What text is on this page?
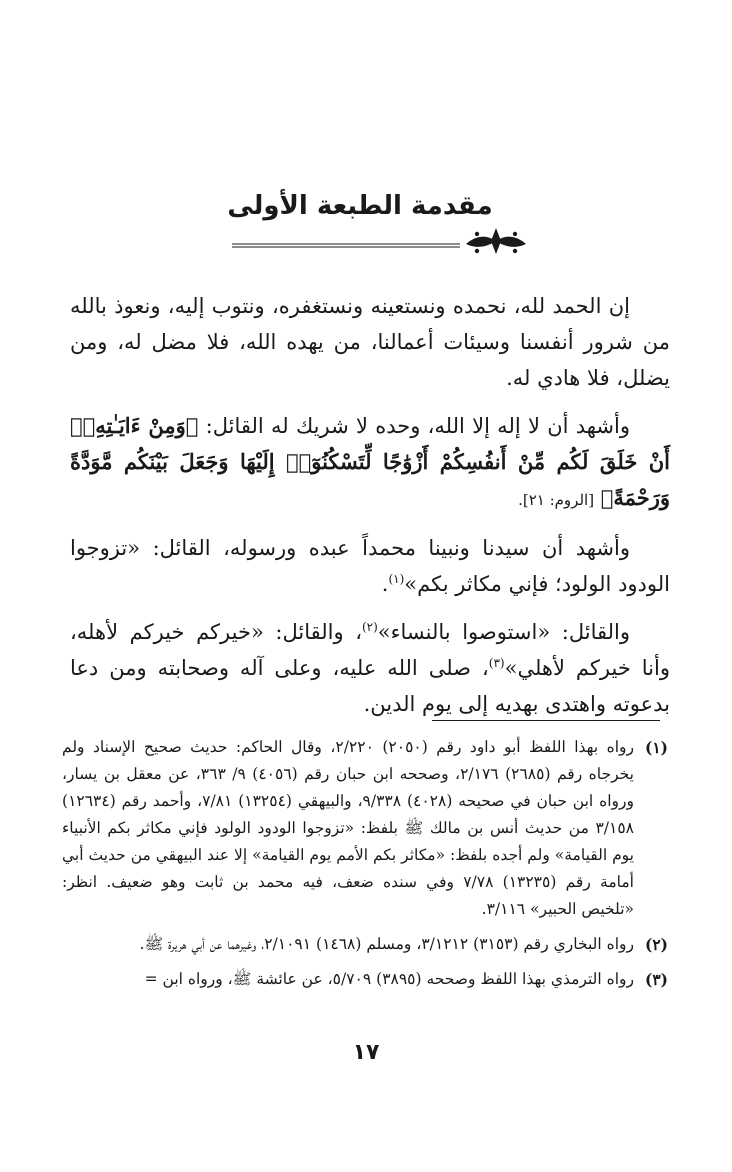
مقدمة الطبعة الأولى

إن الحمد لله، نحمده ونستعينه ونستغفره، ونتوب إليه، ونعوذ بالله من شرور أنفسنا وسيئات أعمالنا، من يهده الله، فلا مضل له، ومن يضلل، فلا هادي له.

وأشهد أن لا إله إلا الله، وحده لا شريك له القائل: ﴿وَمِنْ ءَايَـٰتِهِۦٓ أَنْ خَلَقَ لَكُم مِّنْ أَنفُسِكُمْ أَزْوَٰجًا لِّتَسْكُنُوٓا۟ إِلَيْهَا وَجَعَلَ بَيْنَكُم مَّوَدَّةً وَرَحْمَةً﴾ [الروم: ٢١].

وأشهد أن سيدنا ونبينا محمداً عبده ورسوله، القائل: «تزوجوا الودود الولود؛ فإني مكاثر بكم»$^{(١)}$.

والقائل: «استوصوا بالنساء»$^{(٢)}$، والقائل: «خيركم خيركم لأهله، وأنا خيركم لأهلي»$^{(٣)}$، صلى الله عليه، وعلى آله وصحابته ومن دعا بدعوته واهتدى بهديه إلى يوم الدين.

(١)
رواه بهذا اللفظ أبو داود رقم (٢٠٥٠) ٢/٢٢٠، وقال الحاكم: حديث صحيح الإسناد ولم يخرجاه رقم (٢٦٨٥) ٢/١٧٦، وصححه ابن حبان رقم (٤٠٥٦) ٩/ ٣٦٣، عن معقل بن يسار، ورواه ابن حبان في صحيحه (٤٠٢٨) ٩/٣٣٨، والبيهقي (١٣٢٥٤) ٧/٨١، وأحمد رقم (١٢٦٣٤) ٣/١٥٨ من حديث أنس بن مالك ﷺ بلفظ: «تزوجوا الودود الولود فإني مكاثر بكم الأنبياء يوم القيامة» ولم أجده بلفظ: «مكاثر بكم الأمم يوم القيامة» إلا عند البيهقي من حديث أبي أمامة رقم (١٣٢٣٥) ٧/٧٨ وفي سنده ضعف، فيه محمد بن ثابت وهو ضعيف. انظر: «تلخيص الحبير» ٣/١١٦.
(٢)
رواه البخاري رقم (٣١٥٣) ٣/١٢١٢، ومسلم (١٤٦٨) ٢/١٠٩١، وغيرهما عن أبي هريرة ﷺ.
(٣)
رواه الترمذي بهذا اللفظ وصححه (٣٨٩٥) ٥/٧٠٩، عن عائشة ﷺ، ورواه ابن =
١٧
